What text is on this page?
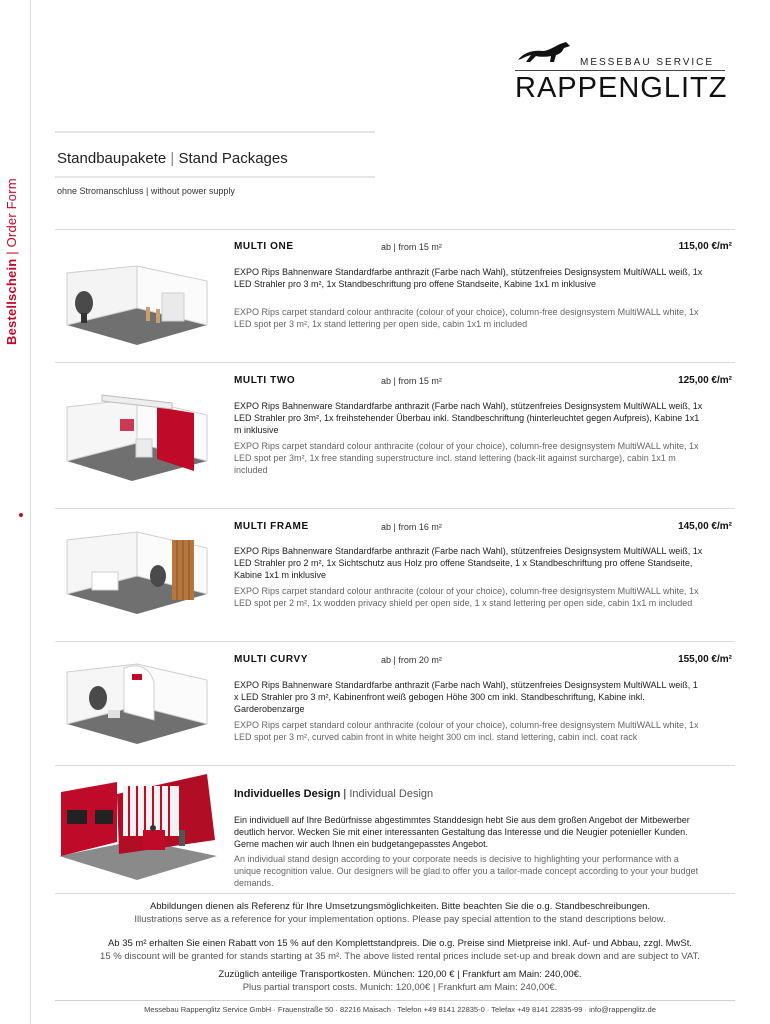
Bestellschein | Order Form
MESSEBAU SERVICE
RAPPENGLITZ
Standbaupakete | Stand Packages
ohne Stromanschluss | without power supply
MULTI ONE	ab | from 15 m²	115,00 €/m²
EXPO Rips Bahnenware Standardfarbe anthrazit (Farbe nach Wahl), stützenfreies Designsystem MultiWALL weiß, 1x LED Strahler pro 3 m², 1x Standbeschriftung pro offene Standseite, Kabine 1x1 m inklusive
EXPO Rips carpet standard colour anthracite (colour of your choice), column-free designsystem MultiWALL white, 1x LED spot per 3 m², 1x stand lettering per open side, cabin 1x1 m included
MULTI TWO	ab | from 15 m²	125,00 €/m²
EXPO Rips Bahnenware Standardfarbe anthrazit (Farbe nach Wahl), stützenfreies Designsystem MultiWALL weiß, 1x LED Strahler pro 3m², 1x freihstehender Überbau inkl. Standbeschriftung (hinterleuchtet gegen Aufpreis), Kabine 1x1 m inklusive
EXPO Rips carpet standard colour anthracite (colour of your choice), column-free designsystem MultiWALL white, 1x LED spot per 3m², 1x free standing superstructure incl. stand lettering (back-lit against surcharge), cabin 1x1 m included
MULTI FRAME	ab | from 16 m²	145,00 €/m²
EXPO Rips Bahnenware Standardfarbe anthrazit (Farbe nach Wahl), stützenfreies Designsystem MultiWALL weiß, 1x LED Strahler pro 2 m², 1x Sichtschutz aus Holz pro offene Standseite, 1 x Standbeschriftung pro offene Standseite, Kabine 1x1 m inklusive
EXPO Rips carpet standard colour anthracite (colour of your choice), column-free designsystem MultiWALL white, 1x LED spot per 2 m², 1x wodden privacy shield per open side, 1 x stand lettering per open side, cabin 1x1 m included
MULTI CURVY	ab | from 20 m²	155,00 €/m²
EXPO Rips Bahnenware Standardfarbe anthrazit (Farbe nach Wahl), stützenfreies Designsystem MultiWALL weiß, 1 x LED Strahler pro 3 m², Kabinenfront weiß gebogen Höhe 300 cm inkl. Standbeschriftung, Kabine inkl. Garderobenzarge
EXPO Rips carpet standard colour anthracite (colour of your choice), column-free designsystem MultiWALL white, 1x LED spot per 3 m², curved cabin front in white height 300 cm incl. stand lettering, cabin incl. coat rack
Individuelles Design | Individual Design
Ein individuell auf Ihre Bedürfnisse abgestimmtes Standdesign hebt Sie aus dem großen Angebot der Mitbewerber deutlich hervor. Wecken Sie mit einer interessanten Gestaltung das Interesse und die Neugier potenieller Kunden. Gerne machen wir auch Ihnen ein budgetangepasstes Angebot.
An individual stand design according to your corporate needs is decisive to highlighting your performance with a unique recognition value. Our designers will be glad to offer you a tailor-made concept according to your your budget demands.
Abbildungen dienen als Referenz für Ihre Umsetzungsmöglichkeiten. Bitte beachten Sie die o.g. Standbeschreibungen.
Illustrations serve as a reference for your implementation options. Please pay special attention to the stand descriptions below.
Ab 35 m² erhalten Sie einen Rabatt von 15 % auf den Komplettstandpreis. Die o.g. Preise sind Mietpreise inkl. Auf- und Abbau, zzgl. MwSt.
15 % discount will be granted for stands starting at 35 m². The above listed rental prices include set-up and break down and are subject to VAT.
Zuzüglich anteilige Transportkosten. München: 120,00 € | Frankfurt am Main: 240,00€.
Plus partial transport costs. Munich: 120,00€ | Frankfurt am Main: 240,00€.
Messebau Rappenglitz Service GmbH · Frauenstraße 50 · 82216 Maisach · Telefon +49 8141 22835-0 · Telefax +49 8141 22835-99 · info@rappenglitz.de
